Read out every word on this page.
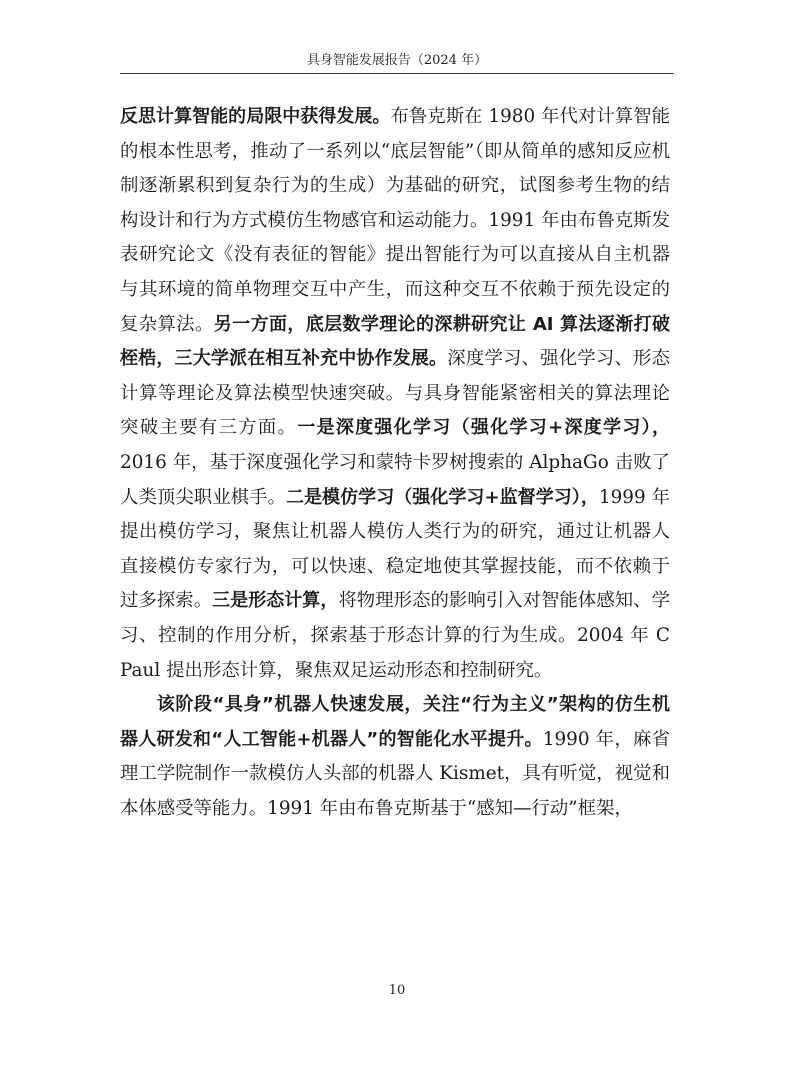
具身智能发展报告（2024 年）

反思计算智能的局限中获得发展。布鲁克斯在 1980 年代对计算智能的根本性思考，推动了一系列以“底层智能”（即从简单的感知反应机制逐渐累积到复杂行为的生成）为基础的研究，试图参考生物的结构设计和行为方式模仿生物感官和运动能力。1991 年由布鲁克斯发表研究论文《没有表征的智能》提出智能行为可以直接从自主机器与其环境的简单物理交互中产生，而这种交互不依赖于预先设定的复杂算法。另一方面，底层数学理论的深耕研究让 AI 算法逐渐打破桎梏，三大学派在相互补充中协作发展。深度学习、强化学习、形态计算等理论及算法模型快速突破。与具身智能紧密相关的算法理论突破主要有三方面。一是深度强化学习（强化学习+深度学习），2016 年，基于深度强化学习和蒙特卡罗树搜索的 AlphaGo 击败了人类顶尖职业棋手。二是模仿学习（强化学习+监督学习），1999 年提出模仿学习，聚焦让机器人模仿人类行为的研究，通过让机器人直接模仿专家行为，可以快速、稳定地使其掌握技能，而不依赖于过多探索。三是形态计算，将物理形态的影响引入对智能体感知、学习、控制的作用分析，探索基于形态计算的行为生成。2004 年 C Paul 提出形态计算，聚焦双足运动形态和控制研究。

该阶段“具身”机器人快速发展，关注“行为主义”架构的仿生机器人研发和“人工智能+机器人”的智能化水平提升。1990 年，麻省理工学院制作一款模仿人头部的机器人 Kismet，具有听觉，视觉和本体感受等能力。1991 年由布鲁克斯基于“感知—行动”框架，

10
